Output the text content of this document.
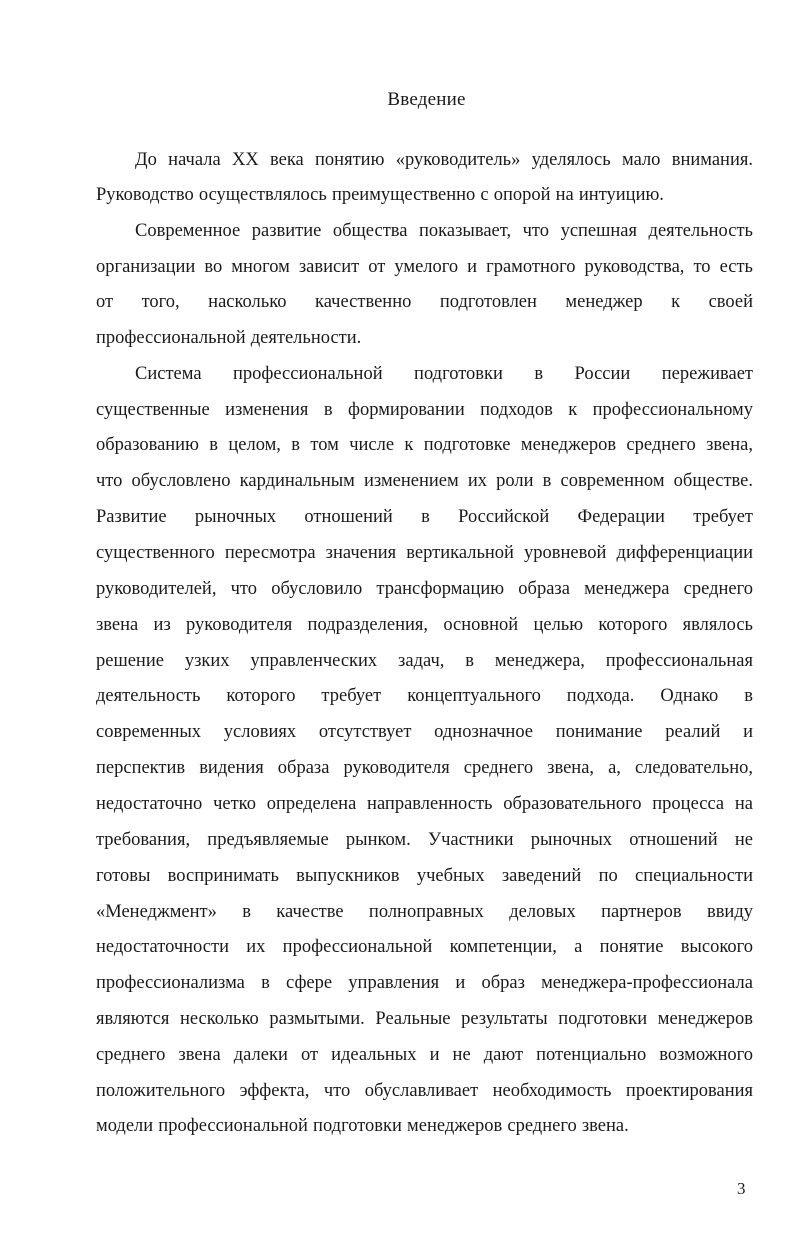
Введение
До начала XX века понятию «руководитель» уделялось мало внимания.
Руководство осуществлялось преимущественно с опорой на интуицию.
Современное развитие общества показывает, что успешная деятельность
организации во многом зависит от умелого и грамотного руководства, то есть
от того, насколько качественно подготовлен менеджер к своей
профессиональной деятельности.
Система профессиональной подготовки в России переживает
существенные изменения в формировании подходов к профессиональному
образованию в целом, в том числе к подготовке менеджеров среднего звена,
что обусловлено кардинальным изменением их роли в современном обществе.
Развитие рыночных отношений в Российской Федерации требует
существенного пересмотра значения вертикальной уровневой дифференциации
руководителей, что обусловило трансформацию образа менеджера среднего
звена из руководителя подразделения, основной целью которого являлось
решение узких управленческих задач, в менеджера, профессиональная
деятельность которого требует концептуального подхода. Однако в
современных условиях отсутствует однозначное понимание реалий и
перспектив видения образа руководителя среднего звена, а, следовательно,
недостаточно четко определена направленность образовательного процесса на
требования, предъявляемые рынком. Участники рыночных отношений не
готовы воспринимать выпускников учебных заведений по специальности
«Менеджмент» в качестве полноправных деловых партнеров ввиду
недостаточности их профессиональной компетенции, а понятие высокого
профессионализма в сфере управления и образ менеджера-профессионала
являются несколько размытыми. Реальные результаты подготовки менеджеров
среднего звена далеки от идеальных и не дают потенциально возможного
положительного эффекта, что обуславливает необходимость проектирования
модели профессиональной подготовки менеджеров среднего звена.
3
